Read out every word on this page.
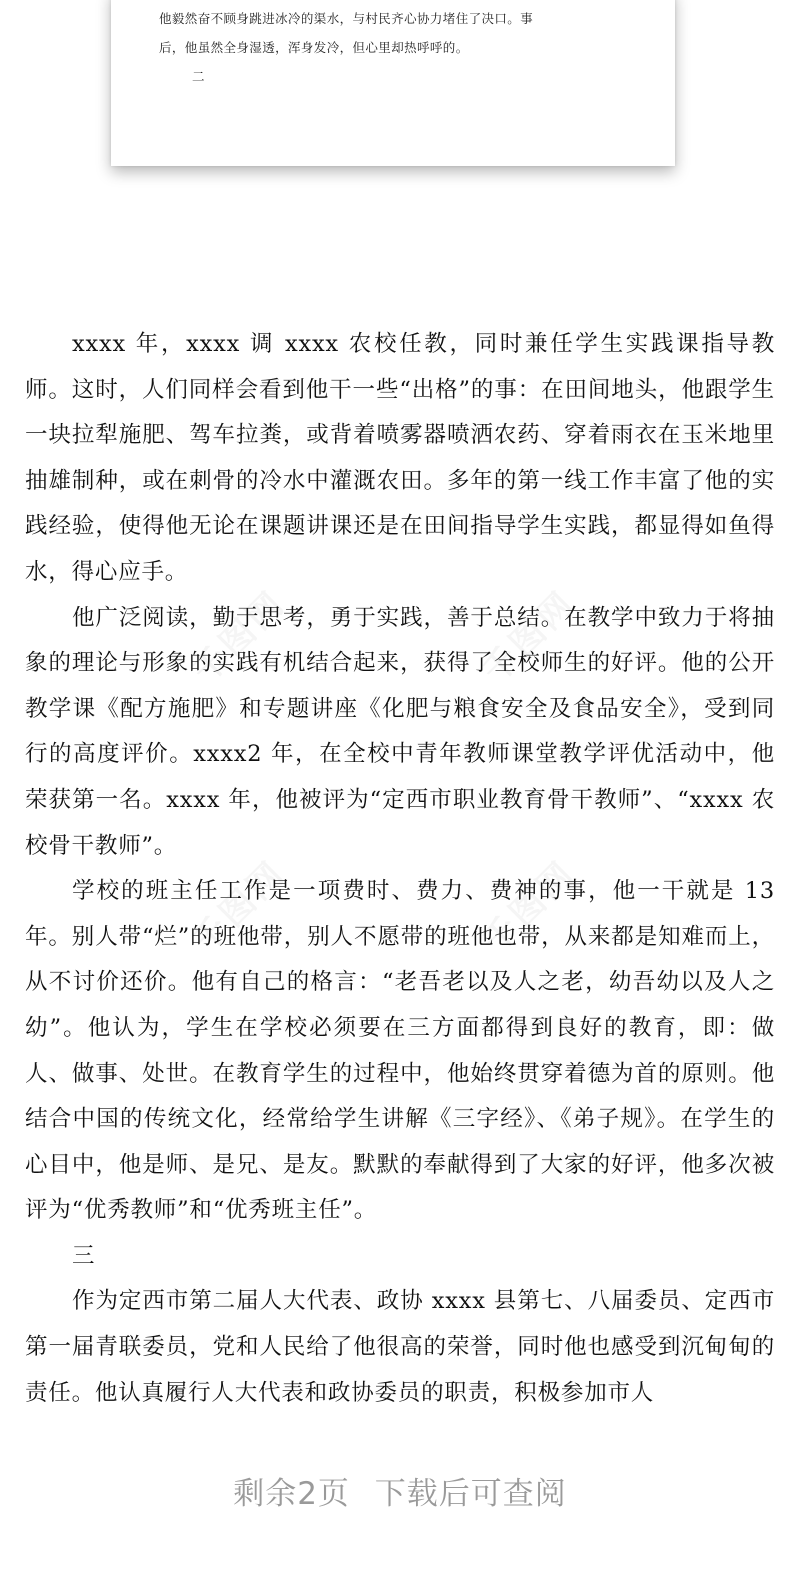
千图网	千图网
千图网	千图网

他毅然奋不顾身跳进冰冷的渠水，与村民齐心协力堵住了决口。事

后，他虽然全身湿透，浑身发冷，但心里却热呼呼的。

二

xxxx 年，xxxx 调 xxxx 农校任教，同时兼任学生实践课指导教师。这时，人们同样会看到他干一些“出格”的事：在田间地头，他跟学生一块拉犁施肥、驾车拉粪，或背着喷雾器喷洒农药、穿着雨衣在玉米地里抽雄制种，或在刺骨的冷水中灌溉农田。多年的第一线工作丰富了他的实践经验，使得他无论在课题讲课还是在田间指导学生实践，都显得如鱼得水，得心应手。

他广泛阅读，勤于思考，勇于实践，善于总结。在教学中致力于将抽象的理论与形象的实践有机结合起来，获得了全校师生的好评。他的公开教学课《配方施肥》和专题讲座《化肥与粮食安全及食品安全》，受到同行的高度评价。xxxx2 年，在全校中青年教师课堂教学评优活动中，他荣获第一名。xxxx 年，他被评为“定西市职业教育骨干教师”、“xxxx 农校骨干教师”。

学校的班主任工作是一项费时、费力、费神的事，他一干就是 13 年。别人带“烂”的班他带，别人不愿带的班他也带，从来都是知难而上，从不讨价还价。他有自己的格言：“老吾老以及人之老，幼吾幼以及人之幼”。他认为，学生在学校必须要在三方面都得到良好的教育，即：做人、做事、处世。在教育学生的过程中，他始终贯穿着德为首的原则。他结合中国的传统文化，经常给学生讲解《三字经》、《弟子规》。在学生的心目中，他是师、是兄、是友。默默的奉献得到了大家的好评，他多次被评为“优秀教师”和“优秀班主任”。

三

作为定西市第二届人大代表、政协 xxxx 县第七、八届委员、定西市第一届青联委员，党和人民给了他很高的荣誉，同时他也感受到沉甸甸的责任。他认真履行人大代表和政协委员的职责，积极参加市人

剩余2页 下载后可查阅
